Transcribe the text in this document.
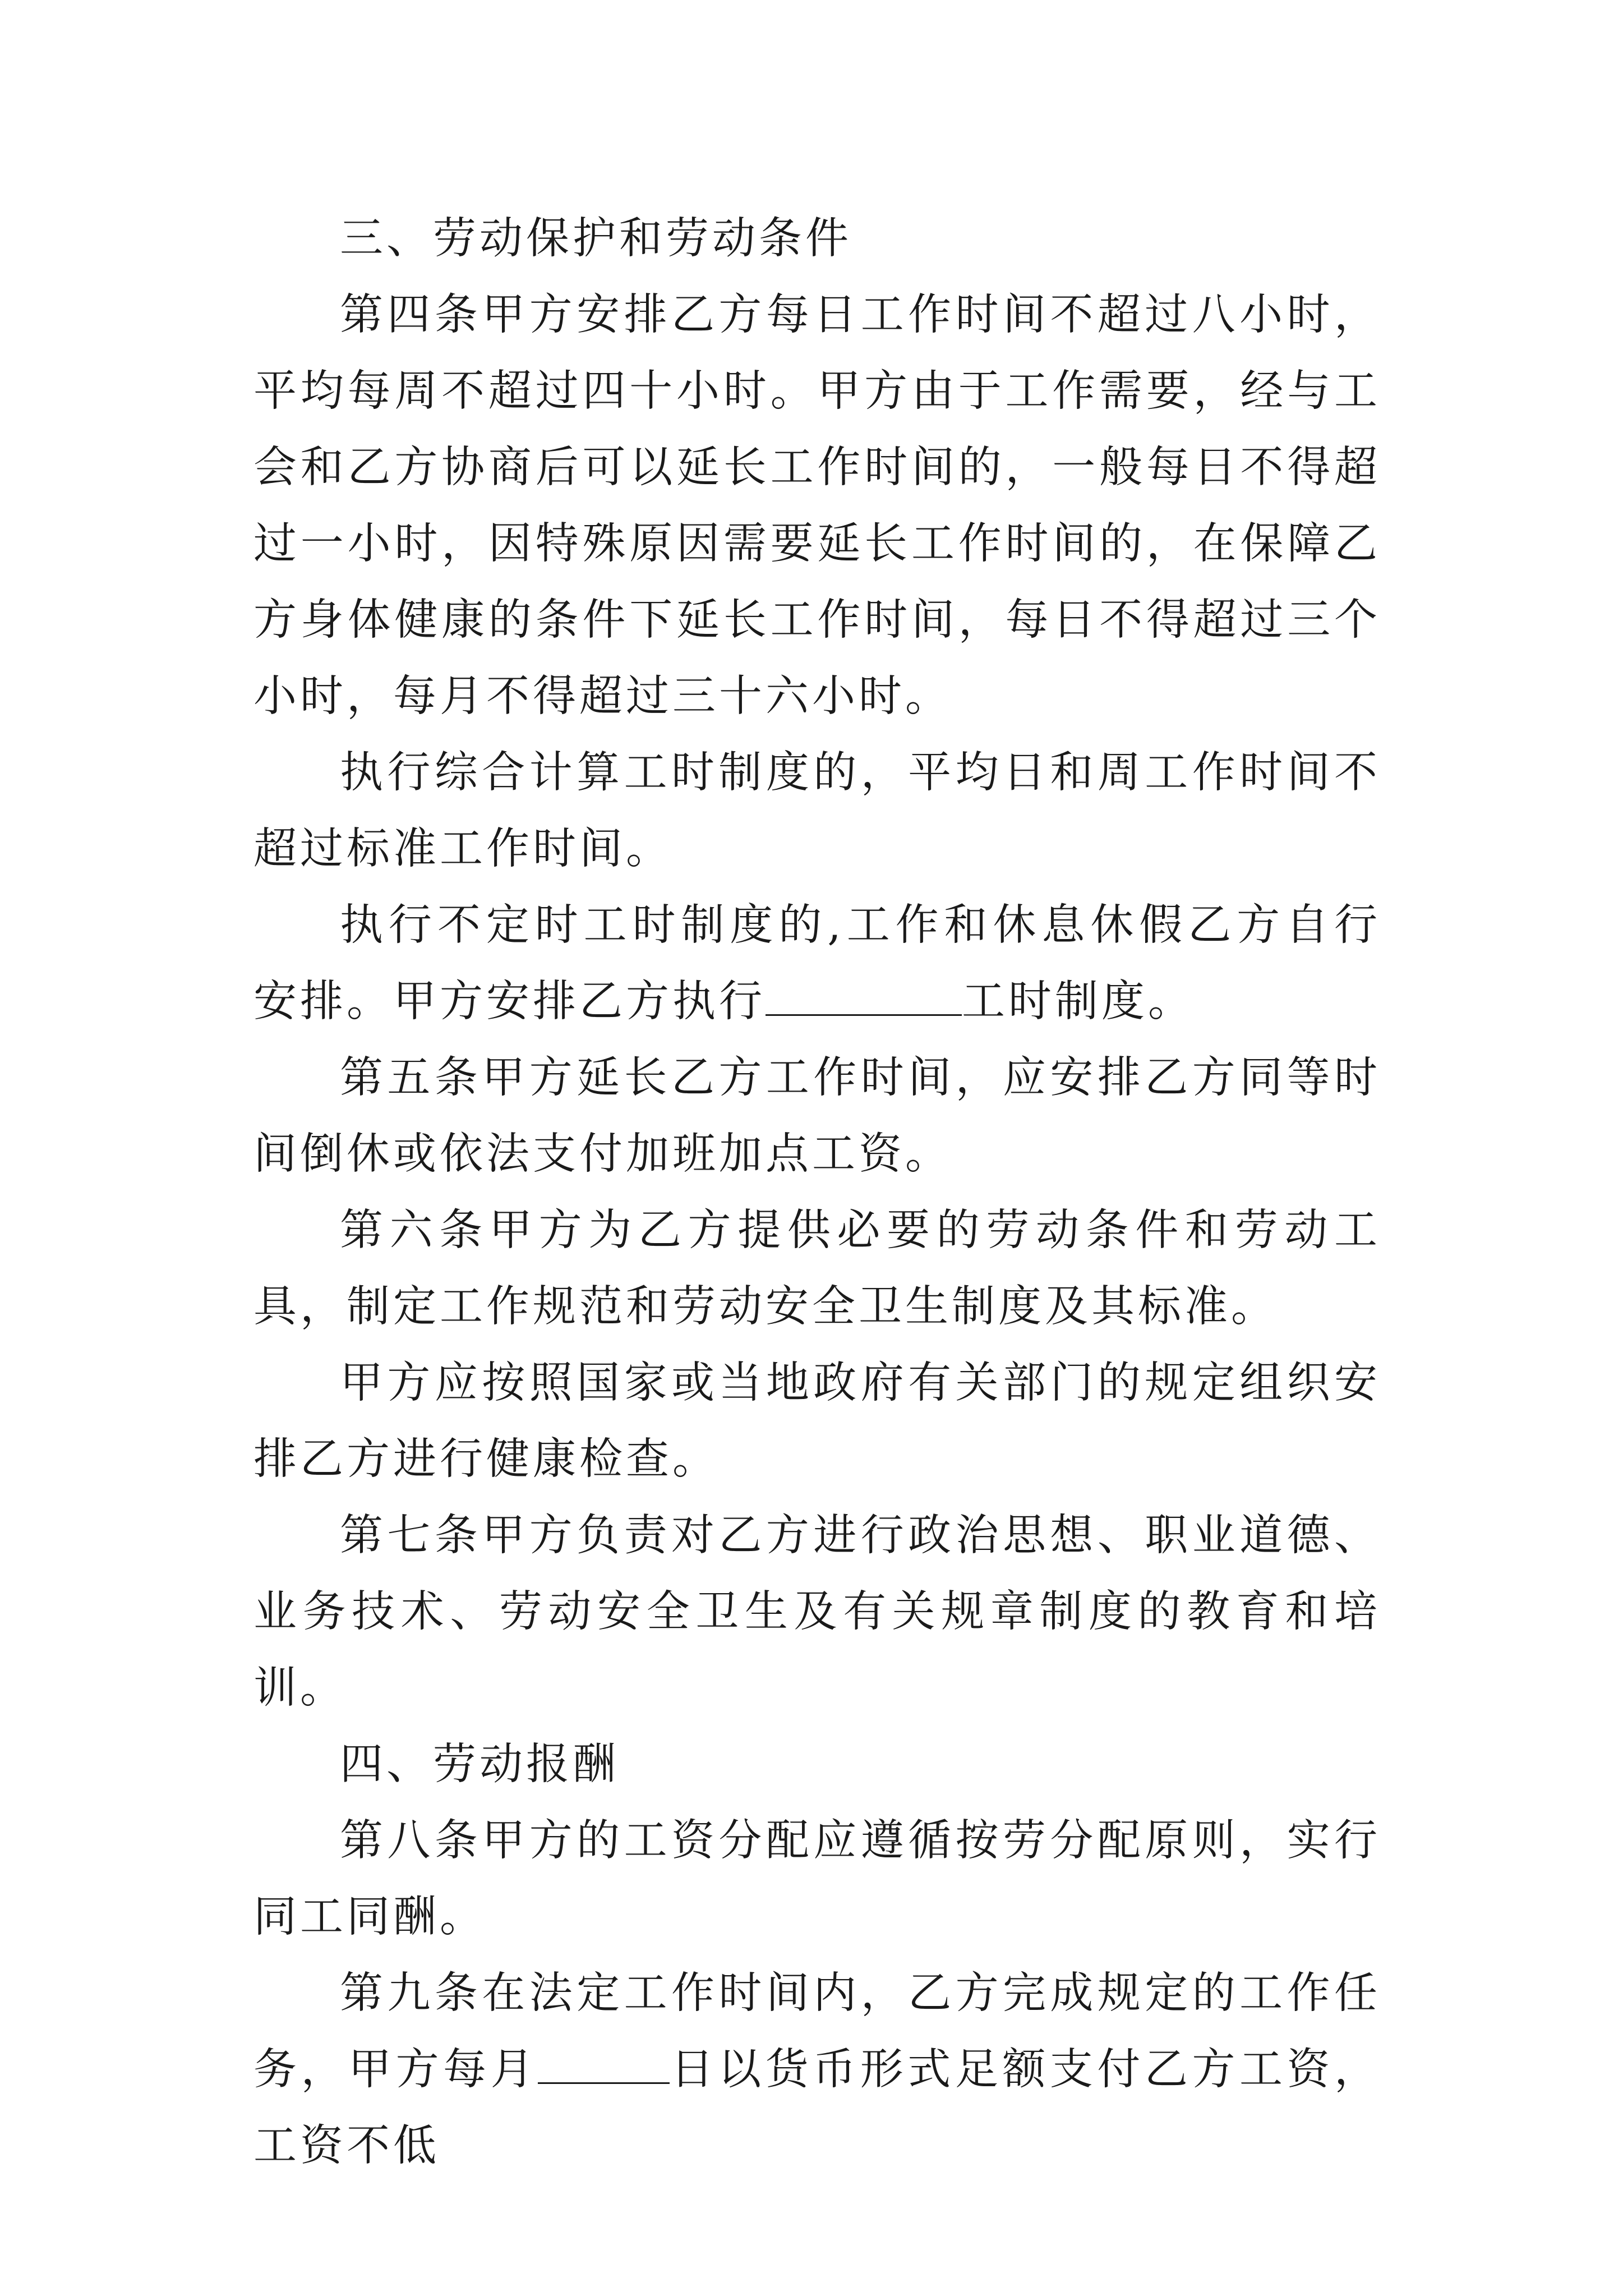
三、劳动保护和劳动条件

第四条甲方安排乙方每日工作时间不超过八小时，平均每周不超过四十小时。甲方由于工作需要，经与工会和乙方协商后可以延长工作时间的，一般每日不得超过一小时，因特殊原因需要延长工作时间的，在保障乙方身体健康的条件下延长工作时间，每日不得超过三个小时，每月不得超过三十六小时。

执行综合计算工时制度的，平均日和周工作时间不超过标准工作时间。

执行不定时工时制度的,工作和休息休假乙方自行安排。甲方安排乙方执行	工时制度。

第五条甲方延长乙方工作时间，应安排乙方同等时间倒休或依法支付加班加点工资。

第六条甲方为乙方提供必要的劳动条件和劳动工具，制定工作规范和劳动安全卫生制度及其标准。

甲方应按照国家或当地政府有关部门的规定组织安排乙方进行健康检查。

第七条甲方负责对乙方进行政治思想、职业道德、业务技术、劳动安全卫生及有关规章制度的教育和培训。

四、劳动报酬

第八条甲方的工资分配应遵循按劳分配原则，实行同工同酬。

第九条在法定工作时间内，乙方完成规定的工作任务，甲方每月	日以货币形式足额支付乙方工资，工资不低
